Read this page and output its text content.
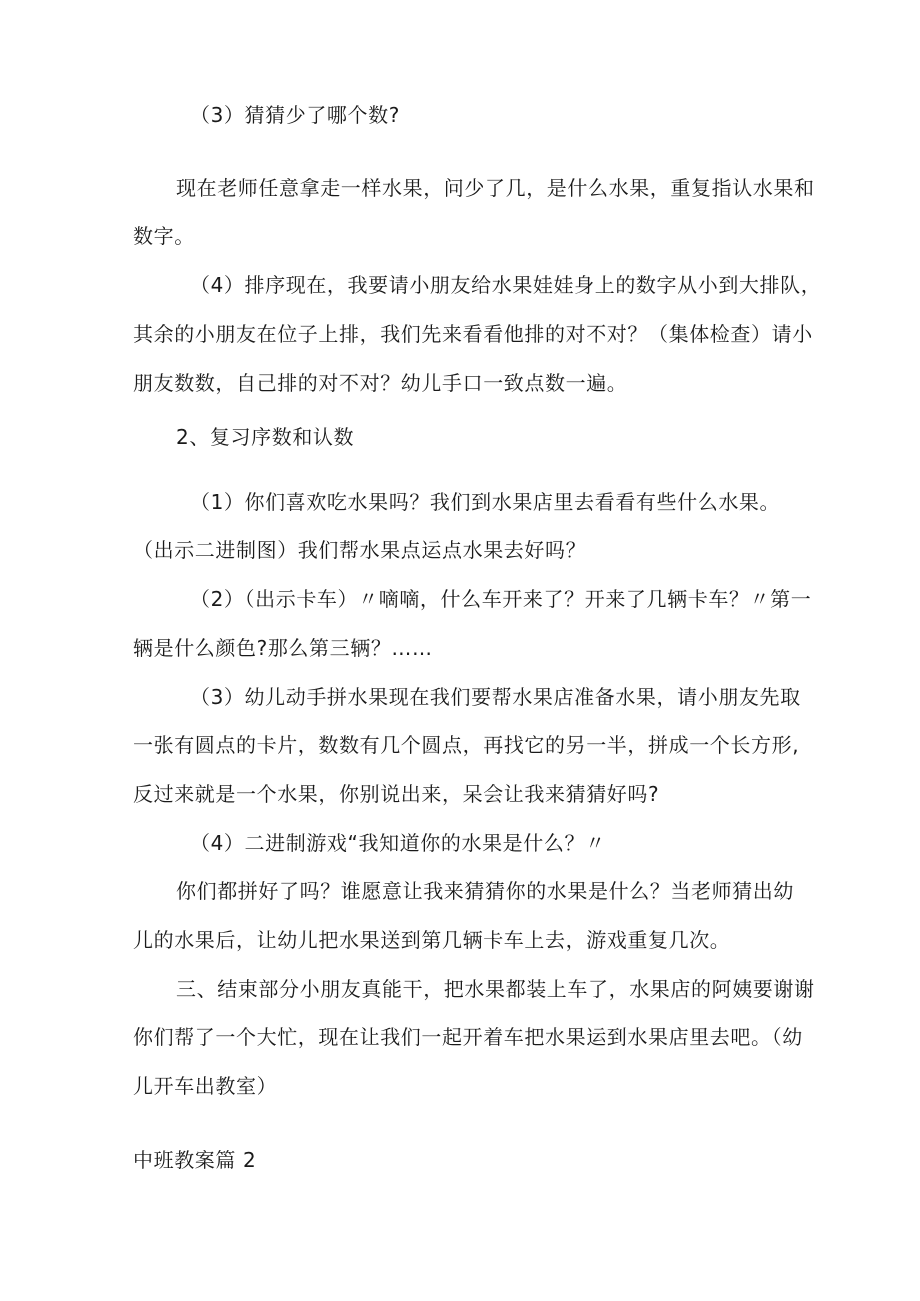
（3）猜猜少了哪个数?
现在老师任意拿走一样水果，问少了几，是什么水果，重复指认水果和
数字。
（4）排序现在，我要请小朋友给水果娃娃身上的数字从小到大排队，
其余的小朋友在位子上排，我们先来看看他排的对不对？（集体检查）请小
朋友数数，自己排的对不对？幼儿手口一致点数一遍。
2、复习序数和认数
（1）你们喜欢吃水果吗？我们到水果店里去看看有些什么水果。
（出示二进制图）我们帮水果点运点水果去好吗？
（2）（出示卡车）〃嘀嘀，什么车开来了？开来了几辆卡车？〃第一
辆是什么颜色?那么第三辆？……
（3）幼儿动手拼水果现在我们要帮水果店准备水果，请小朋友先取
一张有圆点的卡片，数数有几个圆点，再找它的另一半，拼成一个长方形,
反过来就是一个水果，你别说出来，呆会让我来猜猜好吗?
（4）二进制游戏“我知道你的水果是什么？〃
你们都拼好了吗？谁愿意让我来猜猜你的水果是什么？当老师猜出幼
儿的水果后，让幼儿把水果送到第几辆卡车上去，游戏重复几次。
三、结束部分小朋友真能干，把水果都装上车了，水果店的阿姨要谢谢
你们帮了一个大忙，现在让我们一起开着车把水果运到水果店里去吧。（幼
儿开车出教室）
中班教案篇 2
